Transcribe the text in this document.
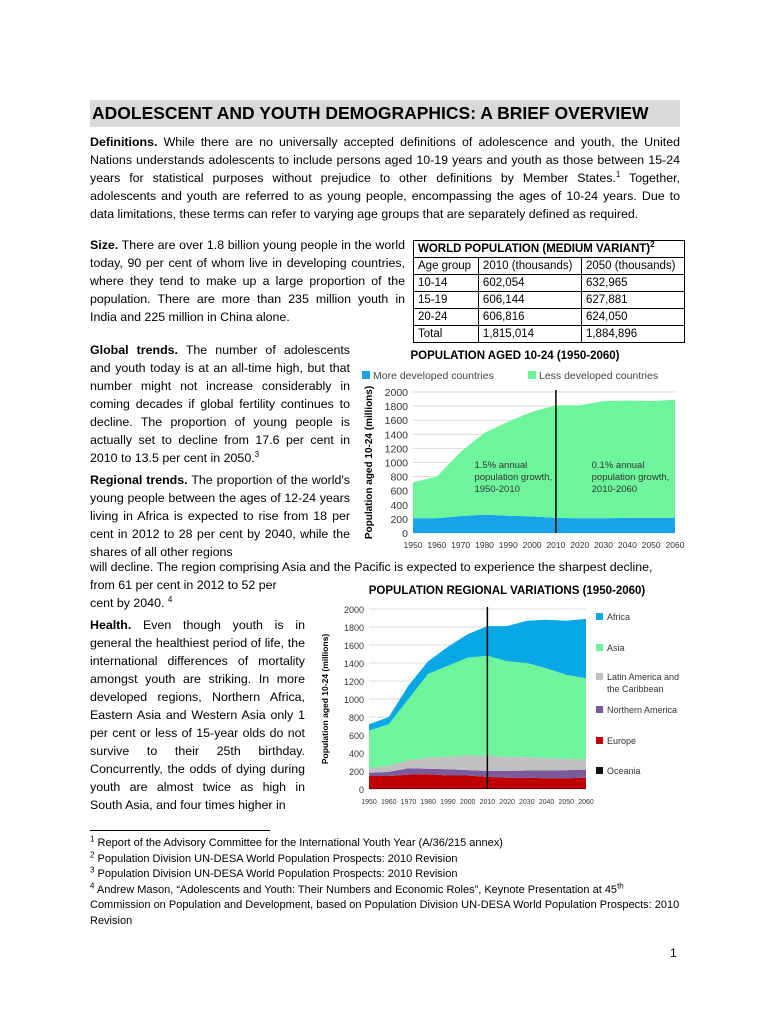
ADOLESCENT AND YOUTH DEMOGRAPHICS: A BRIEF OVERVIEW
Definitions. While there are no universally accepted definitions of adolescence and youth, the United Nations understands adolescents to include persons aged 10-19 years and youth as those between 15-24 years for statistical purposes without prejudice to other definitions by Member States.$^1$ Together, adolescents and youth are referred to as young people, encompassing the ages of 10-24 years. Due to data limitations, these terms can refer to varying age groups that are separately defined as required.
Size. There are over 1.8 billion young people in the world today, 90 per cent of whom live in developing countries, where they tend to make up a large proportion of the population. There are more than 235 million youth in India and 225 million in China alone.
WORLD POPULATION (MEDIUM VARIANT)$^2$
Age group	2010 (thousands)	2050 (thousands)
10-14	602,054	632,965
15-19	606,144	627,881
20-24	606,816	624,050
Total	1,815,014	1,884,896
Global trends. The number of adolescents and youth today is at an all-time high, but that number might not increase considerably in coming decades if global fertility continues to decline. The proportion of young people is actually set to decline from 17.6 per cent in 2010 to 13.5 per cent in 2050.$^3$
Regional trends. The proportion of the world's young people between the ages of 12-24 years living in Africa is expected to rise from 18 per cent in 2012 to 28 per cent by 2040, while the shares of all other regions
will decline. The region comprising Asia and the Pacific is expected to experience the sharpest decline,
from 61 per cent in 2012 to 52 per
cent by 2040. $^4$
Health. Even though youth is in general the healthiest period of life, the international differences of mortality amongst youth are striking. In more developed regions, Northern Africa, Eastern Asia and Western Asia only 1 per cent or less of 15-year olds do not survive to their 25th birthday. Concurrently, the odds of dying during youth are almost twice as high in South Asia, and four times higher in
POPULATION AGED 10-24 (1950-2060)
0
200
400
600
800
1000
1200
1400
1600
1800
2000
1950 1960 1970 1980 1990 2000 2010 2020 2030 2040 2050 2060
Population aged 10-24 (millions)
More developed countries	Less developed countries
1.5% annual
population growth,
1950-2010
0.1% annual
population growth,
2010-2060
POPULATION REGIONAL VARIATIONS (1950-2060)
0
200
400
600
800
1000
1200
1400
1600
1800
2000
1950 1960 1970 1980 1990 2000 2010 2020 2030 2040 2050 2060
Population aged 10-24 (millions)
Africa
Asia
Latin America and
the Caribbean
Northern America
Europe
Oceania
$^1$ Report of the Advisory Committee for the International Youth Year (A/36/215 annex)
$^2$ Population Division UN-DESA World Population Prospects: 2010 Revision
$^3$ Population Division UN-DESA World Population Prospects: 2010 Revision
$^4$ Andrew Mason, “Adolescents and Youth: Their Numbers and Economic Roles”, Keynote Presentation at 45th
Commission on Population and Development, based on Population Division UN-DESA World Population Prospects: 2010 Revision
1
